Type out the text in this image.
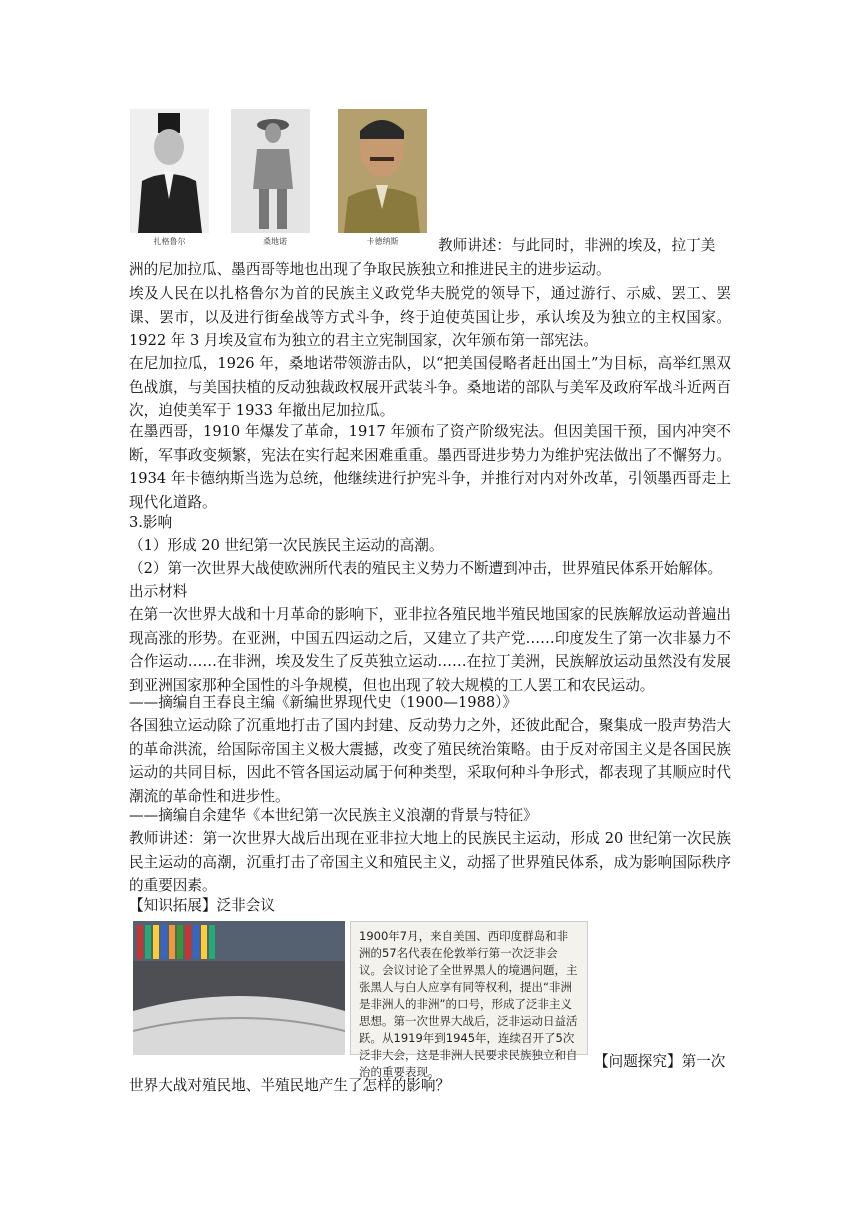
扎格鲁尔	桑地诺	卡德纳斯	教师讲述：与此同时，非洲的埃及，拉丁美
洲的尼加拉瓜、墨西哥等地也出现了争取民族独立和推进民主的进步运动。
埃及人民在以扎格鲁尔为首的民族主义政党华夫脱党的领导下，通过游行、示威、罢工、罢课、罢市，以及进行街垒战等方式斗争，终于迫使英国让步，承认埃及为独立的主权国家。1922 年 3 月埃及宣布为独立的君主立宪制国家，次年颁布第一部宪法。
在尼加拉瓜，1926 年，桑地诺带领游击队，以“把美国侵略者赶出国土”为目标，高举红黑双色战旗，与美国扶植的反动独裁政权展开武装斗争。桑地诺的部队与美军及政府军战斗近两百次，迫使美军于 1933 年撤出尼加拉瓜。
在墨西哥，1910 年爆发了革命，1917 年颁布了资产阶级宪法。但因美国干预，国内冲突不断，军事政变频繁，宪法在实行起来困难重重。墨西哥进步势力为维护宪法做出了不懈努力。1934 年卡德纳斯当选为总统，他继续进行护宪斗争，并推行对内对外改革，引领墨西哥走上现代化道路。
3.影响
（1）形成 20 世纪第一次民族民主运动的高潮。
（2）第一次世界大战使欧洲所代表的殖民主义势力不断遭到冲击，世界殖民体系开始解体。
出示材料
在第一次世界大战和十月革命的影响下，亚非拉各殖民地半殖民地国家的民族解放运动普遍出现高涨的形势。在亚洲，中国五四运动之后，又建立了共产党……印度发生了第一次非暴力不合作运动……在非洲，埃及发生了反英独立运动……在拉丁美洲，民族解放运动虽然没有发展到亚洲国家那种全国性的斗争规模，但也出现了较大规模的工人罢工和农民运动。
——摘编自王春良主编《新编世界现代史（1900—1988）》
各国独立运动除了沉重地打击了国内封建、反动势力之外，还彼此配合，聚集成一股声势浩大的革命洪流，给国际帝国主义极大震撼，改变了殖民统治策略。由于反对帝国主义是各国民族运动的共同目标，因此不管各国运动属于何种类型，采取何种斗争形式，都表现了其顺应时代潮流的革命性和进步性。
——摘编自余建华《本世纪第一次民族主义浪潮的背景与特征》
教师讲述：第一次世界大战后出现在亚非拉大地上的民族民主运动，形成 20 世纪第一次民族民主运动的高潮，沉重打击了帝国主义和殖民主义，动摇了世界殖民体系，成为影响国际秩序的重要因素。
【知识拓展】泛非会议
1900年7月，来自美国、西印度群岛和非洲的57名代表在伦敦举行第一次泛非会议。会议讨论了全世界黑人的境遇问题，主张黑人与白人应享有同等权利，提出“非洲是非洲人的非洲”的口号，形成了泛非主义思想。第一次世界大战后，泛非运动日益活跃。从1919年到1945年，连续召开了5次泛非大会，这是非洲人民要求民族独立和自治的重要表现。
【问题探究】第一次
世界大战对殖民地、半殖民地产生了怎样的影响？
